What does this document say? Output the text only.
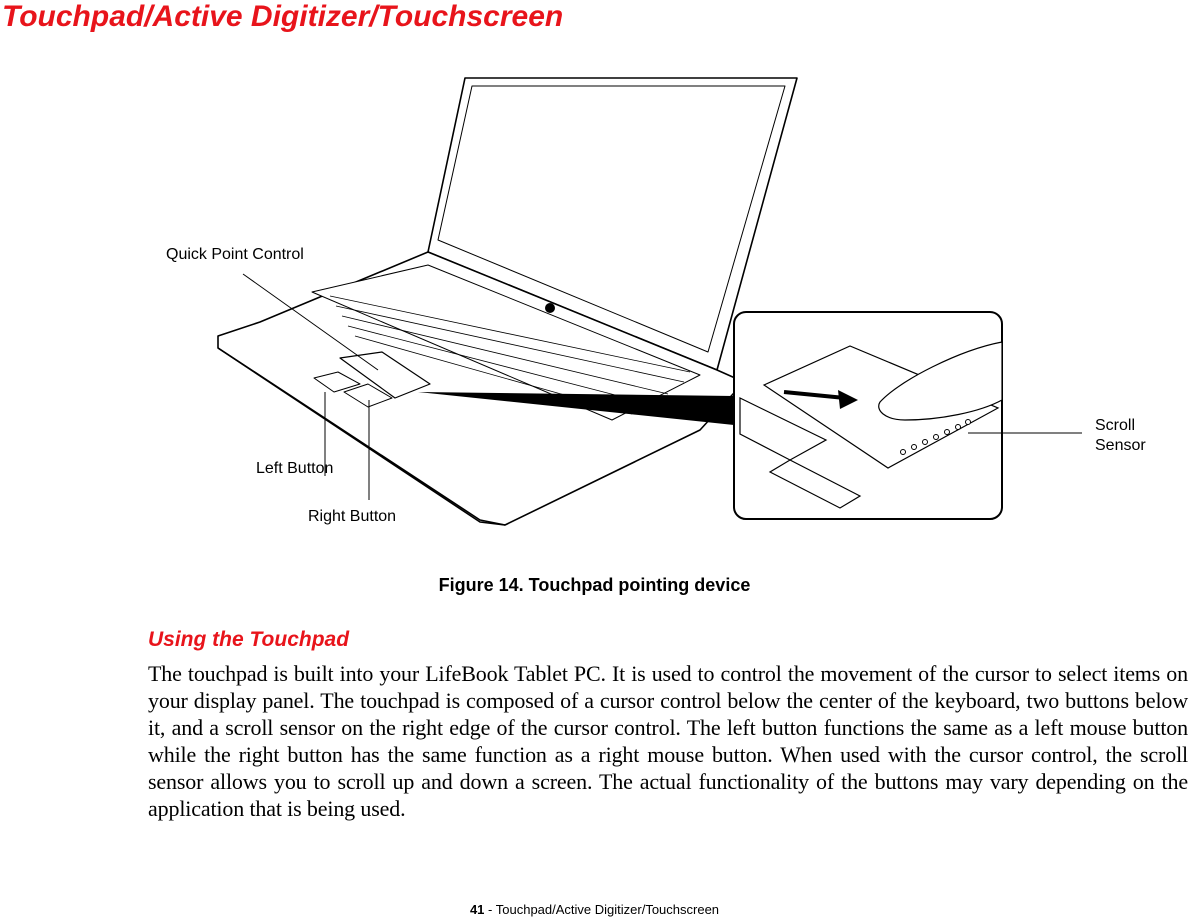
Touchpad/Active Digitizer/Touchscreen
Quick Point Control
Left Button
Right Button
Scroll
Sensor
Figure 14. Touchpad pointing device
Using the Touchpad

The touchpad is built into your LifeBook Tablet PC. It is used to control the movement of the cursor to select items on your display panel. The touchpad is composed of a cursor control below the center of the keyboard, two buttons below it, and a scroll sensor on the right edge of the cursor control. The left button functions the same as a left mouse button while the right button has the same function as a right mouse button. When used with the cursor control, the scroll sensor allows you to scroll up and down a screen. The actual functionality of the buttons may vary depending on the application that is being used.

41 - Touchpad/Active Digitizer/Touchscreen
